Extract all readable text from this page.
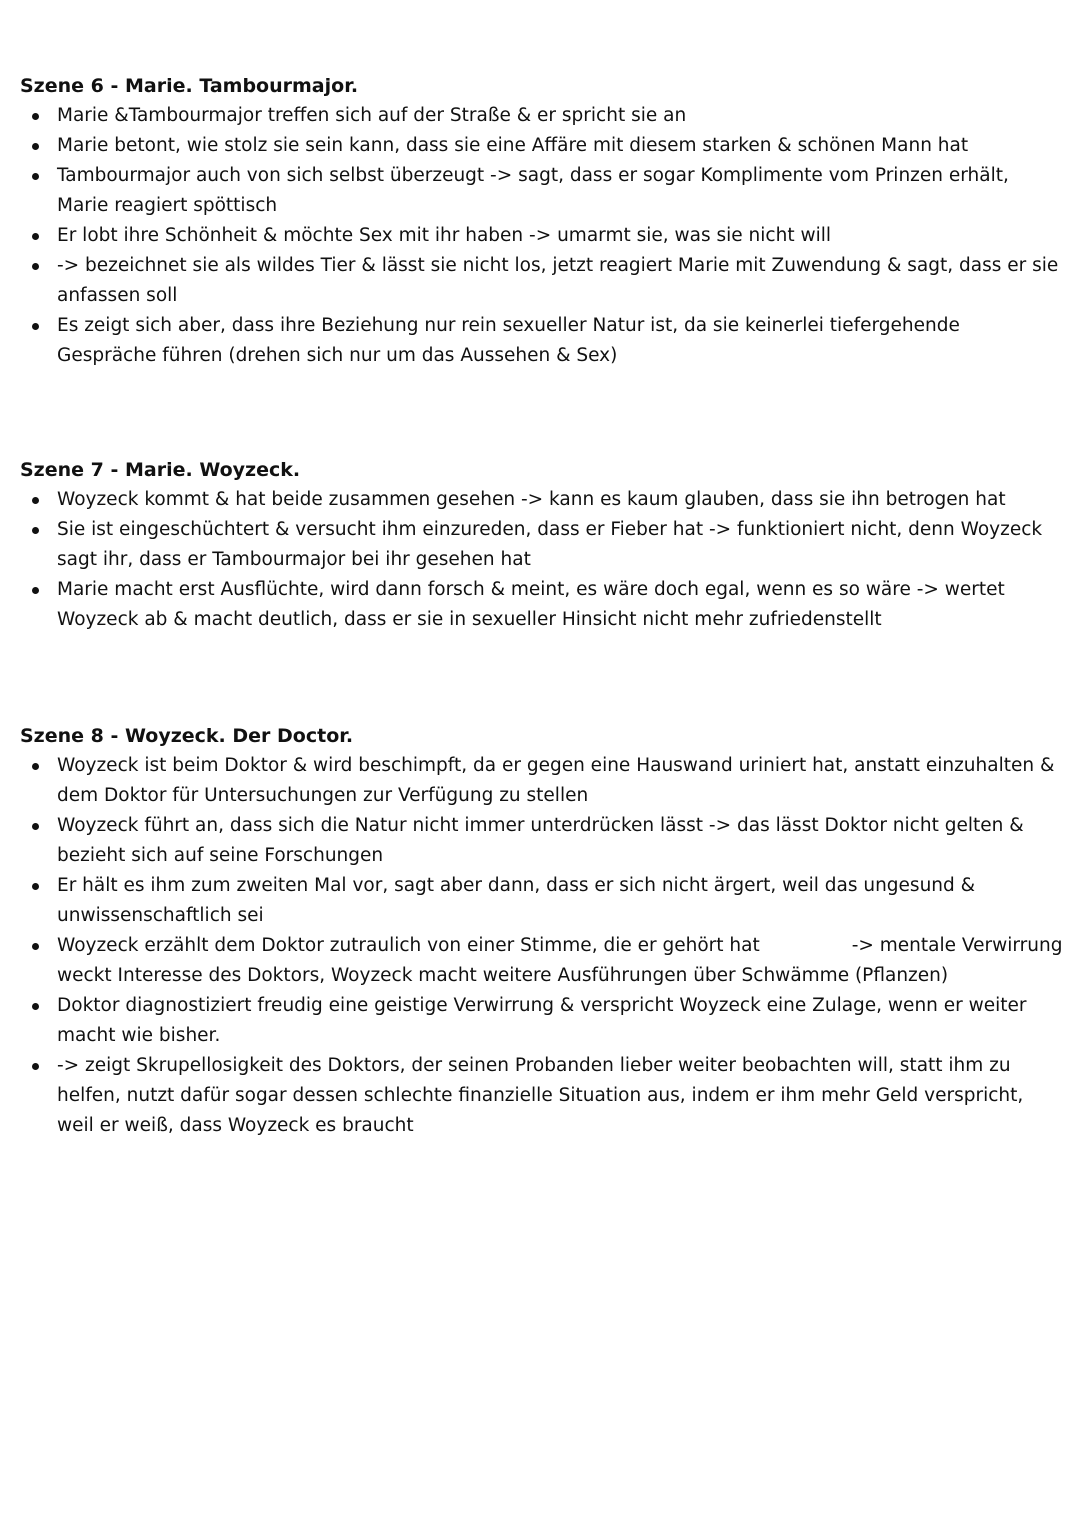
Szene 6 - Marie. Tambourmajor.
Marie &Tambourmajor treffen sich auf der Straße & er spricht sie an
Marie betont, wie stolz sie sein kann, dass sie eine Affäre mit diesem starken & schönen Mann hat
Tambourmajor auch von sich selbst überzeugt -> sagt, dass er sogar Komplimente vom Prinzen erhält, Marie reagiert spöttisch
Er lobt ihre Schönheit & möchte Sex mit ihr haben -> umarmt sie, was sie nicht will
-> bezeichnet sie als wildes Tier & lässt sie nicht los, jetzt reagiert Marie mit Zuwendung & sagt, dass er sie anfassen soll
Es zeigt sich aber, dass ihre Beziehung nur rein sexueller Natur ist, da sie keinerlei tiefergehende Gespräche führen (drehen sich nur um das Aussehen & Sex)
Szene 7 - Marie. Woyzeck.
Woyzeck kommt & hat beide zusammen gesehen -> kann es kaum glauben, dass sie ihn betrogen hat
Sie ist eingeschüchtert & versucht ihm einzureden, dass er Fieber hat -> funktioniert nicht, denn Woyzeck sagt ihr, dass er Tambourmajor bei ihr gesehen hat
Marie macht erst Ausflüchte, wird dann forsch & meint, es wäre doch egal, wenn es so wäre -> wertet Woyzeck ab & macht deutlich, dass er sie in sexueller Hinsicht nicht mehr zufriedenstellt
Szene 8 - Woyzeck. Der Doctor.
Woyzeck ist beim Doktor & wird beschimpft, da er gegen eine Hauswand uriniert hat, anstatt einzuhalten & dem Doktor für Untersuchungen zur Verfügung zu stellen
Woyzeck führt an, dass sich die Natur nicht immer unterdrücken lässt -> das lässt Doktor nicht gelten & bezieht sich auf seine Forschungen
Er hält es ihm zum zweiten Mal vor, sagt aber dann, dass er sich nicht ärgert, weil das ungesund & unwissenschaftlich sei
Woyzeck erzählt dem Doktor zutraulich von einer Stimme, die er gehört hat	-> mentale Verwirrung weckt Interesse des Doktors, Woyzeck macht weitere Ausführungen über Schwämme (Pflanzen)
Doktor diagnostiziert freudig eine geistige Verwirrung & verspricht Woyzeck eine Zulage, wenn er weiter macht wie bisher.
-> zeigt Skrupellosigkeit des Doktors, der seinen Probanden lieber weiter beobachten will, statt ihm zu helfen, nutzt dafür sogar dessen schlechte finanzielle Situation aus, indem er ihm mehr Geld verspricht, weil er weiß, dass Woyzeck es braucht
